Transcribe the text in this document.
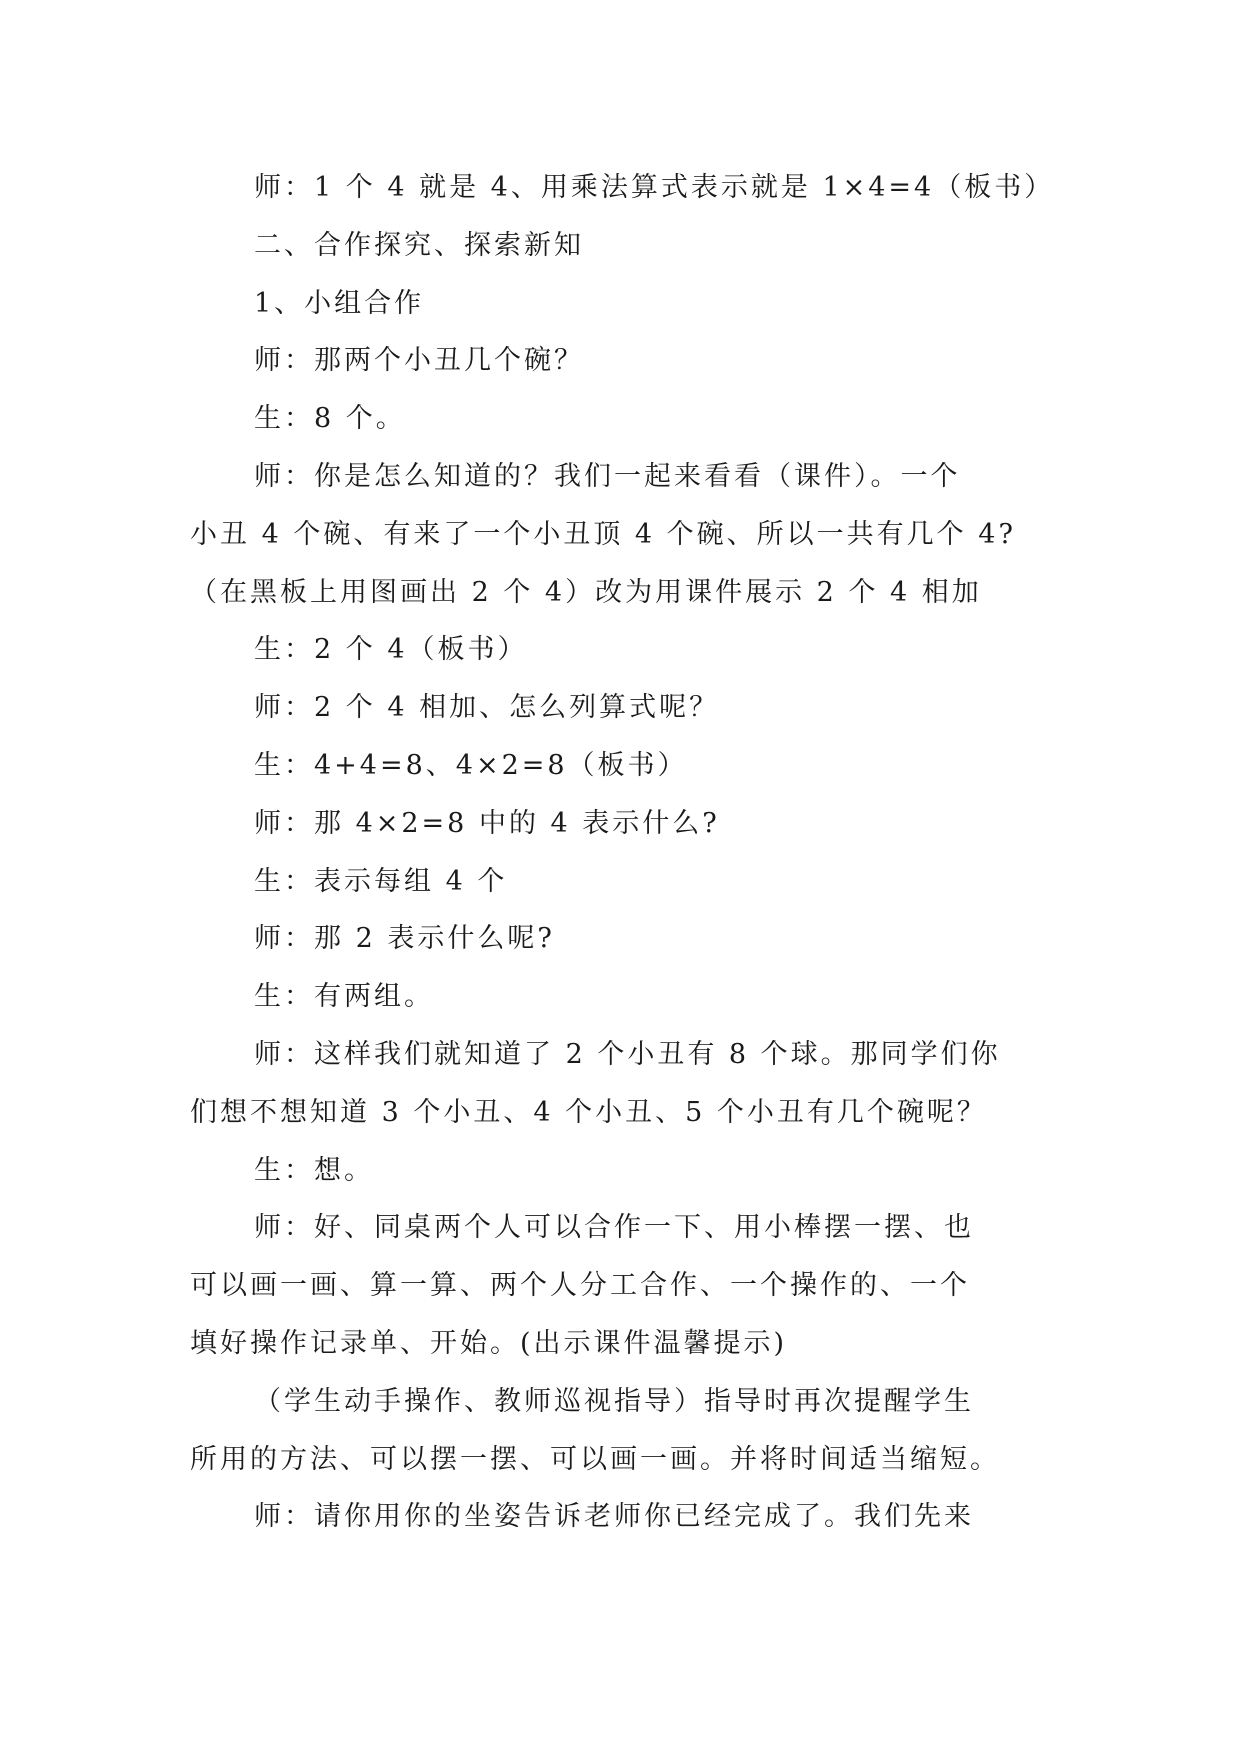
师：1 个 4 就是 4、用乘法算式表示就是 1×4=4（板书）

二、合作探究、探索新知

1、小组合作

师：那两个小丑几个碗？

生：8 个。

师：你是怎么知道的？我们一起来看看（课件）。一个

小丑 4 个碗、有来了一个小丑顶 4 个碗、所以一共有几个 4?

（在黑板上用图画出 2 个 4）改为用课件展示 2 个 4 相加

生：2 个 4（板书）

师：2 个 4 相加、怎么列算式呢？

生：4+4=8、4×2=8（板书）

师：那 4×2=8 中的 4 表示什么?

生：表示每组 4 个

师：那 2 表示什么呢?

生：有两组。

师：这样我们就知道了 2 个小丑有 8 个球。那同学们你

们想不想知道 3 个小丑、4 个小丑、5 个小丑有几个碗呢？

生：想。

师：好、同桌两个人可以合作一下、用小棒摆一摆、也

可以画一画、算一算、两个人分工合作、一个操作的、一个

填好操作记录单、开始。(出示课件温馨提示)

（学生动手操作、教师巡视指导）指导时再次提醒学生

所用的方法、可以摆一摆、可以画一画。并将时间适当缩短。

师：请你用你的坐姿告诉老师你已经完成了。我们先来
